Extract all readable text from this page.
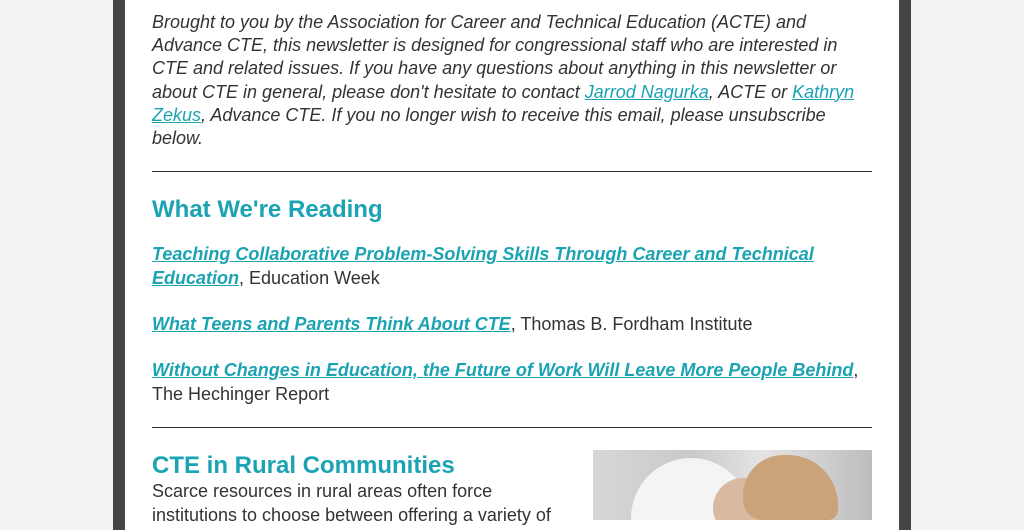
Brought to you by the Association for Career and Technical Education (ACTE) and Advance CTE, this newsletter is designed for congressional staff who are interested in CTE and related issues. If you have any questions about anything in this newsletter or about CTE in general, please don't hesitate to contact Jarrod Nagurka, ACTE or Kathryn Zekus, Advance CTE. If you no longer wish to receive this email, please unsubscribe below.

What We're Reading

Teaching Collaborative Problem-Solving Skills Through Career and Technical Education, Education Week

What Teens and Parents Think About CTE, Thomas B. Fordham Institute

Without Changes in Education, the Future of Work Will Leave More People Behind, The Hechinger Report

CTE in Rural Communities

Scarce resources in rural areas often force institutions to choose between offering a variety of
